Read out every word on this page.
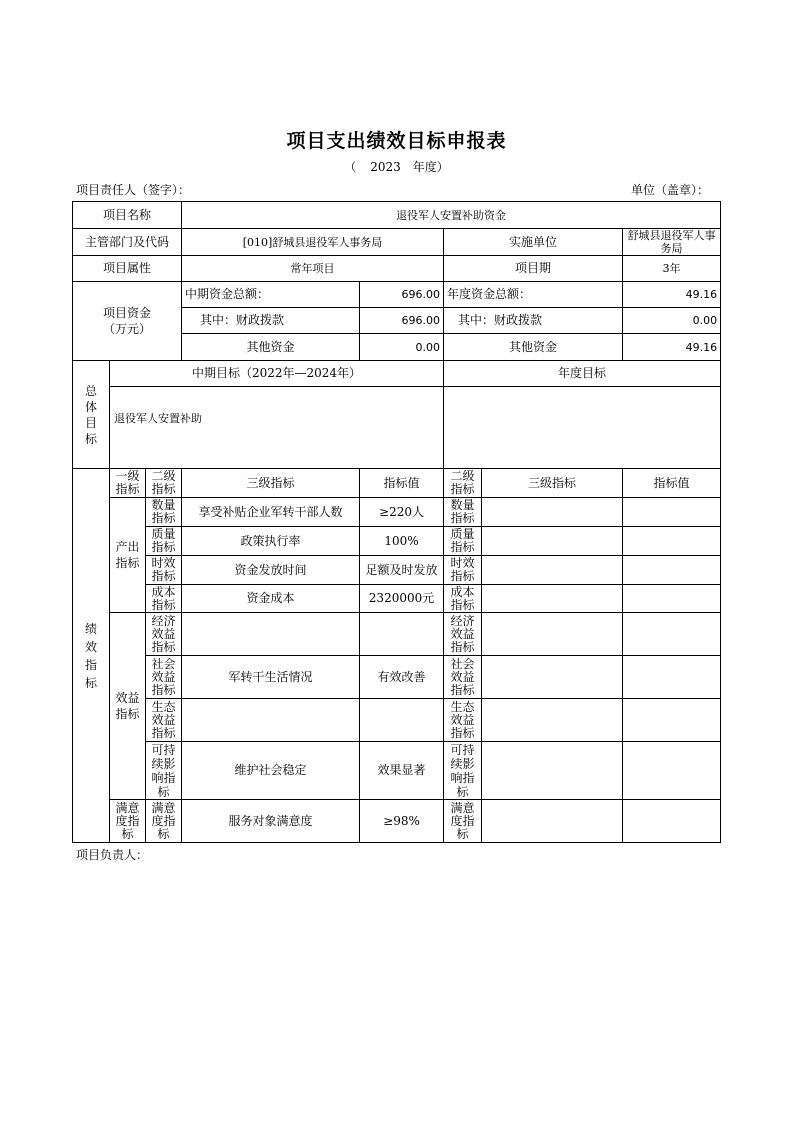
项目支出绩效目标申报表
（ 2023 年度）
项目责任人（签字）：	单位（盖章）：
项目名称			退役军人安置补助资金				
主管部门及代码			[010]舒城县退役军人事务局		实施单位		舒城县退役军人事务局
项目属性			常年项目		项目期		3年

项目资金
（万元）			中期资金总额：	696.00	年度资金总额：		49.16
			其中：财政拨款	696.00	其中：财政拨款		0.00
			其他资金	0.00	其他资金		49.16

总体目标	中期目标（2022年—2024年）				年度目标		
	退役军人安置补助						

绩效指标	一级指标	二级指标	三级指标	指标值	二级指标	三级指标	指标值

	产出指标	数量指标	享受补贴企业军转干部人数	≥220人	数量指标		

		质量指标	政策执行率	100%	质量指标		

		时效指标	资金发放时间	足额及时发放	时效指标		

		成本指标	资金成本	2320000元	成本指标		

	效益指标	经济效益指标			经济效益指标		

		社会效益指标	军转干生活情况	有效改善	社会效益指标		

		生态效益指标			生态效益指标		

		可持续影响指标	维护社会稳定	效果显著	可持续影响指标		

	满意度指标	满意度指标	服务对象满意度	≥98%	满意度指标		

项目负责人：
